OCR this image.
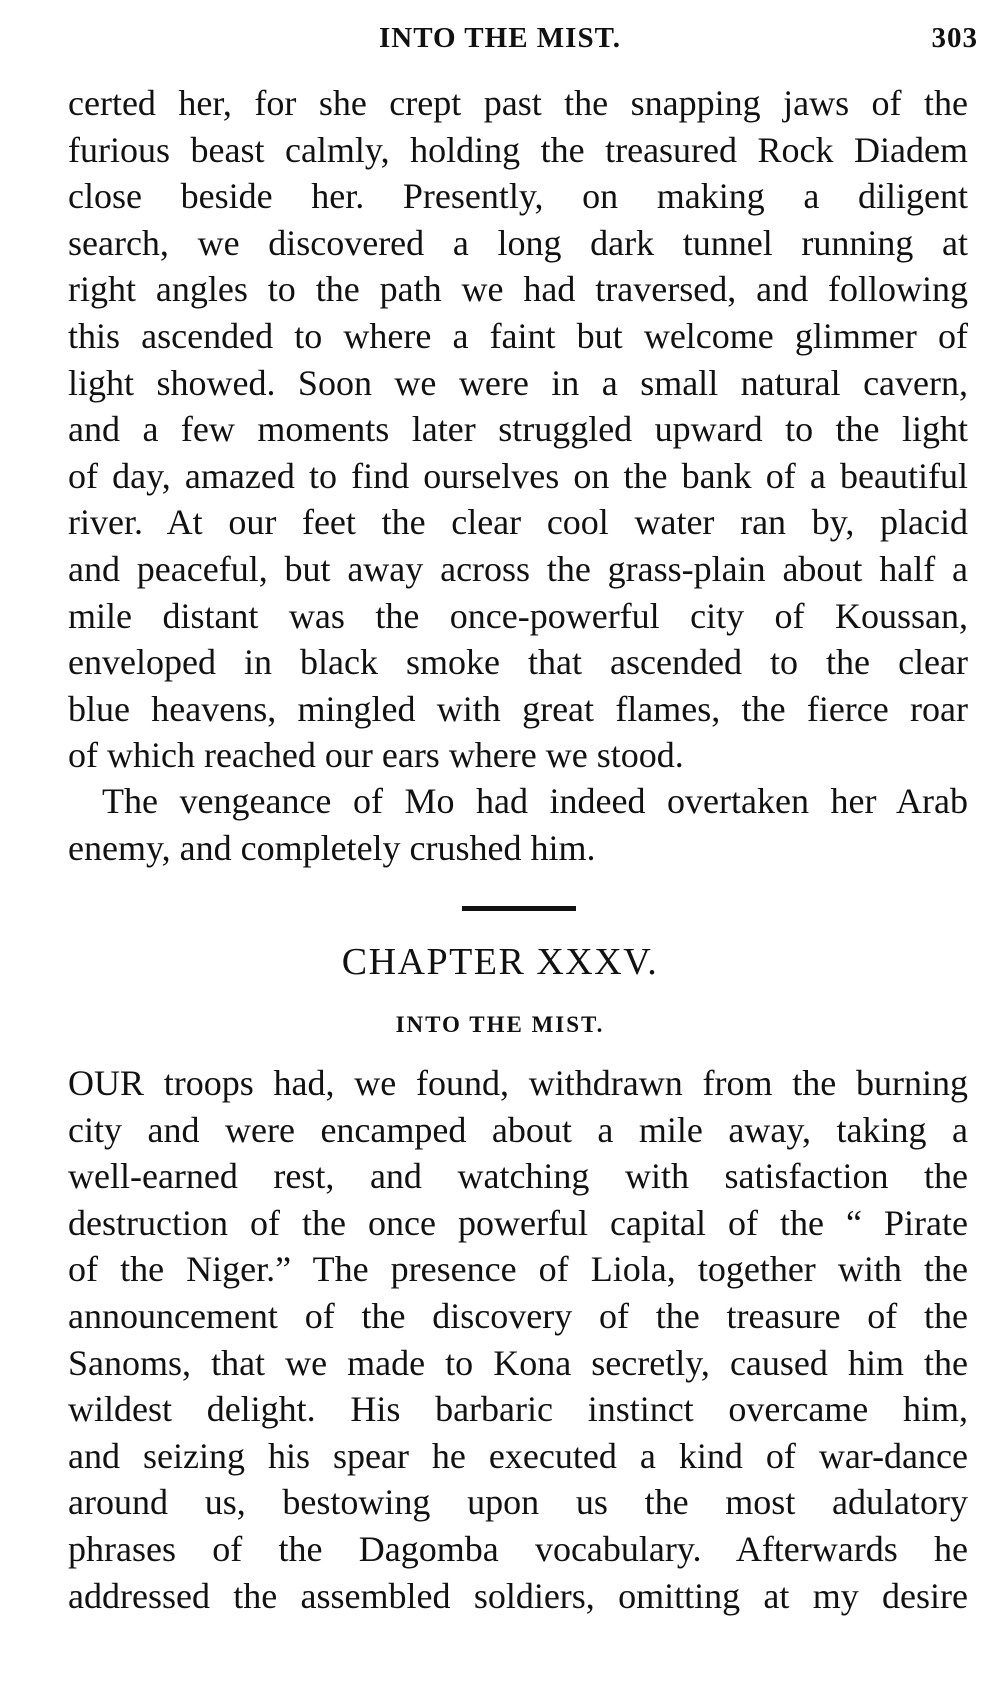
INTO THE MIST.	303
certed her, for she crept past the snapping jaws of the
furious beast calmly, holding the treasured Rock Diadem
close beside her. Presently, on making a diligent
search, we discovered a long dark tunnel running at
right angles to the path we had traversed, and following
this ascended to where a faint but welcome glimmer of
light showed. Soon we were in a small natural cavern,
and a few moments later struggled upward to the light
of day, amazed to find ourselves on the bank of a beautiful
river. At our feet the clear cool water ran by, placid
and peaceful, but away across the grass-plain about half a
mile distant was the once-powerful city of Koussan,
enveloped in black smoke that ascended to the clear
blue heavens, mingled with great flames, the fierce roar
of which reached our ears where we stood.
The vengeance of Mo had indeed overtaken her Arab
enemy, and completely crushed him.
CHAPTER XXXV.
INTO THE MIST.
OUR troops had, we found, withdrawn from the burning
city and were encamped about a mile away, taking a
well-earned rest, and watching with satisfaction the
destruction of the once powerful capital of the “ Pirate
of the Niger.” The presence of Liola, together with the
announcement of the discovery of the treasure of the
Sanoms, that we made to Kona secretly, caused him the
wildest delight. His barbaric instinct overcame him,
and seizing his spear he executed a kind of war-dance
around us, bestowing upon us the most adulatory
phrases of the Dagomba vocabulary. Afterwards he
addressed the assembled soldiers, omitting at my desire
